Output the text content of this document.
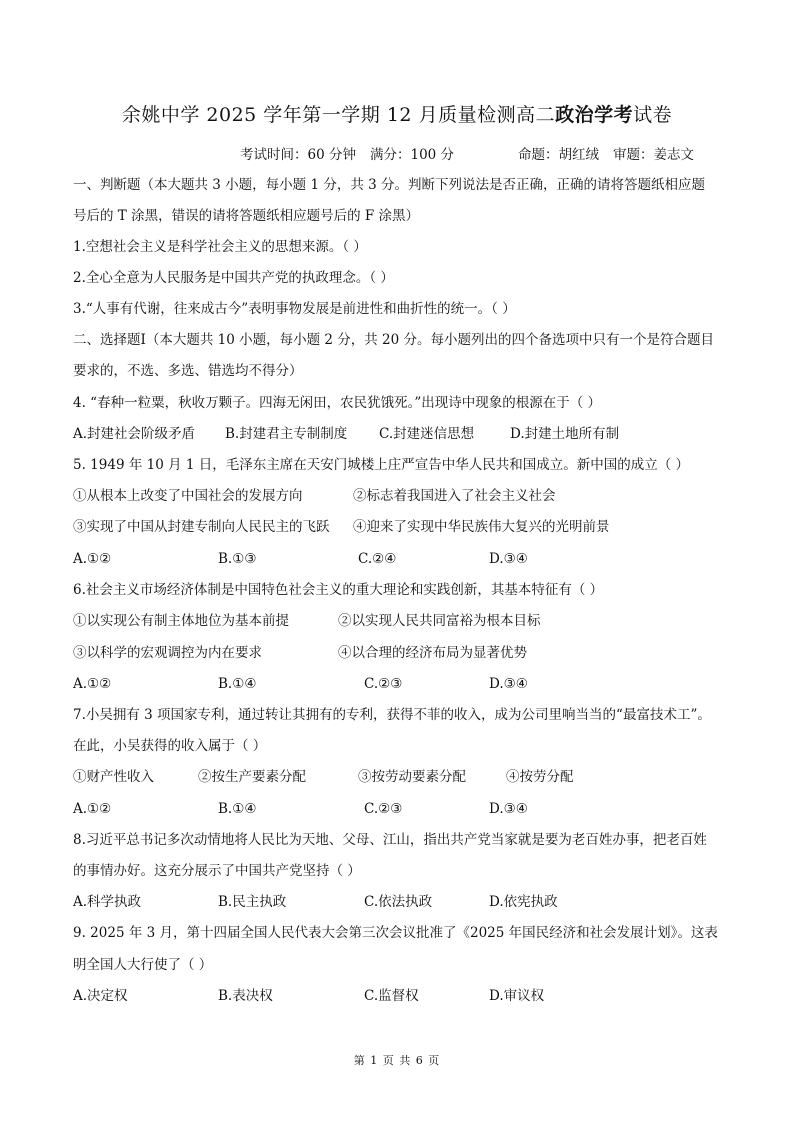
余姚中学 2025 学年第一学期 12 月质量检测高二政治学考试卷
考试时间：60 分钟 满分：100 分	命题：胡红绒 审题：姜志文
一、判断题（本大题共 3 小题，每小题 1 分，共 3 分。判断下列说法是否正确，正确的请将答题纸相应题
号后的 T 涂黑，错误的请将答题纸相应题号后的 F 涂黑）
1.空想社会主义是科学社会主义的思想来源。（ ）
2.全心全意为人民服务是中国共产党的执政理念。（ ）
3.“人事有代谢，往来成古今”表明事物发展是前进性和曲折性的统一。（ ）
二、选择题Ⅰ（本大题共 10 小题，每小题 2 分，共 20 分。每小题列出的四个备选项中只有一个是符合题目
要求的，不选、多选、错选均不得分）
4. “春种一粒粟，秋收万颗子。四海无闲田，农民犹饿死。”出现诗中现象的根源在于（ ）
A.封建社会阶级矛盾 B.封建君主专制制度 C.封建迷信思想	D.封建土地所有制
5. 1949 年 10 月 1 日，毛泽东主席在天安门城楼上庄严宣告中华人民共和国成立。新中国的成立（ ）
①从根本上改变了中国社会的发展方向	②标志着我国进入了社会主义社会
③实现了中国从封建专制向人民民主的飞跃 ④迎来了实现中华民族伟大复兴的光明前景
A.①②	B.①③	C.②④	D.③④
6.社会主义市场经济体制是中国特色社会主义的重大理论和实践创新，其基本特征有（ ）
①以实现公有制主体地位为基本前提	②以实现人民共同富裕为根本目标
③以科学的宏观调控为内在要求	④以合理的经济布局为显著优势
A.①②	B.①④	C.②③	D.③④
7.小吴拥有 3 项国家专利，通过转让其拥有的专利，获得不菲的收入，成为公司里响当当的“最富技术工”。
在此，小吴获得的收入属于（ ）
①财产性收入	②按生产要素分配	③按劳动要素分配	④按劳分配
A.①②	B.①④	C.②③	D.③④
8.习近平总书记多次动情地将人民比为天地、父母、江山，指出共产党当家就是要为老百姓办事，把老百姓
的事情办好。这充分展示了中国共产党坚持（ ）
A.科学执政	B.民主执政	C.依法执政	D.依宪执政
9. 2025 年 3 月，第十四届全国人民代表大会第三次会议批准了《2025 年国民经济和社会发展计划》。这表
明全国人大行使了（ ）
A.决定权	B.表决权	C.监督权	D.审议权
第 1 页 共 6 页
